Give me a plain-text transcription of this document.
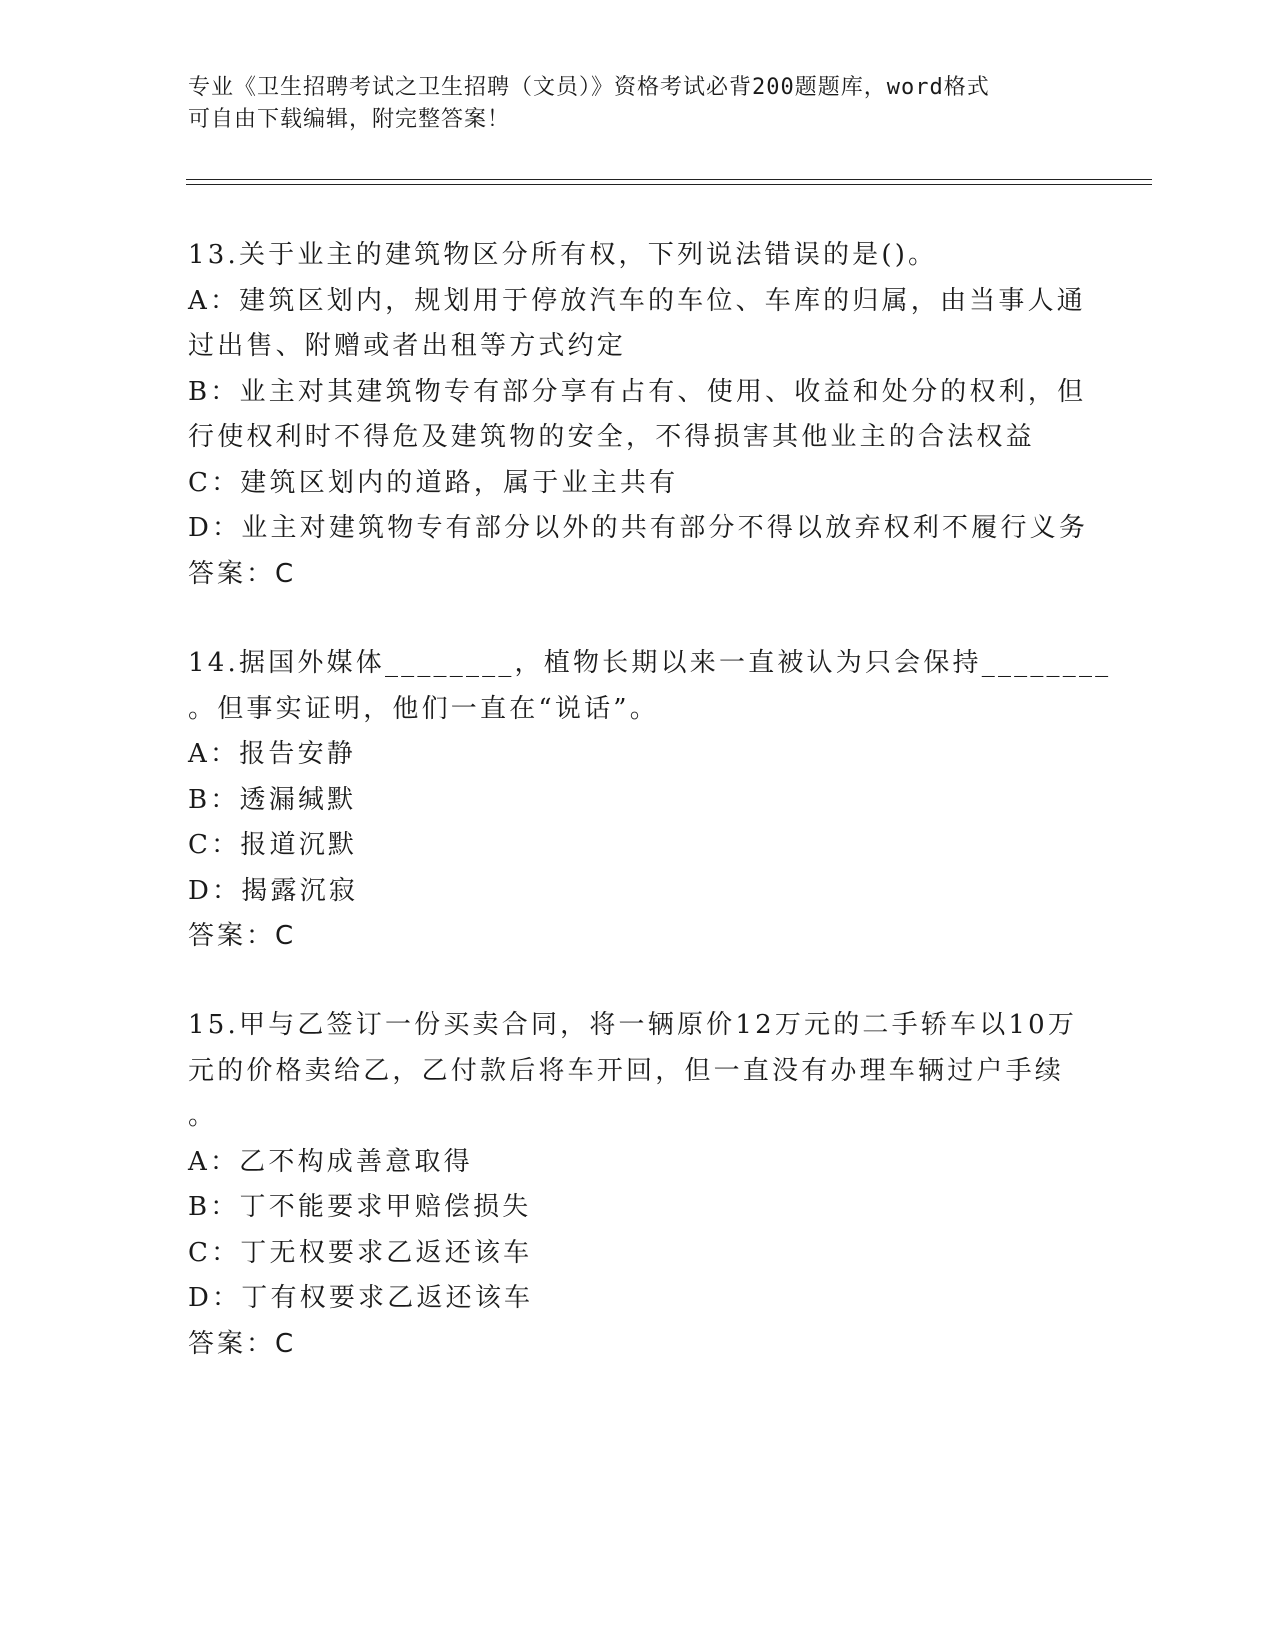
专业《卫生招聘考试之卫生招聘（文员）》资格考试必背200题题库，word格式
可自由下载编辑，附完整答案！
13.关于业主的建筑物区分所有权，下列说法错误的是()。
A：建筑区划内，规划用于停放汽车的车位、车库的归属，由当事人通
过出售、附赠或者出租等方式约定
B：业主对其建筑物专有部分享有占有、使用、收益和处分的权利，但
行使权利时不得危及建筑物的安全，不得损害其他业主的合法权益
C：建筑区划内的道路，属于业主共有
D：业主对建筑物专有部分以外的共有部分不得以放弃权利不履行义务
答案：C
14.据国外媒体________，植物长期以来一直被认为只会保持________
。但事实证明，他们一直在“说话”。
A：报告安静
B：透漏缄默
C：报道沉默
D：揭露沉寂
答案：C
15.甲与乙签订一份买卖合同，将一辆原价12万元的二手轿车以10万
元的价格卖给乙，乙付款后将车开回，但一直没有办理车辆过户手续
。
A：乙不构成善意取得
B：丁不能要求甲赔偿损失
C：丁无权要求乙返还该车
D：丁有权要求乙返还该车
答案：C
